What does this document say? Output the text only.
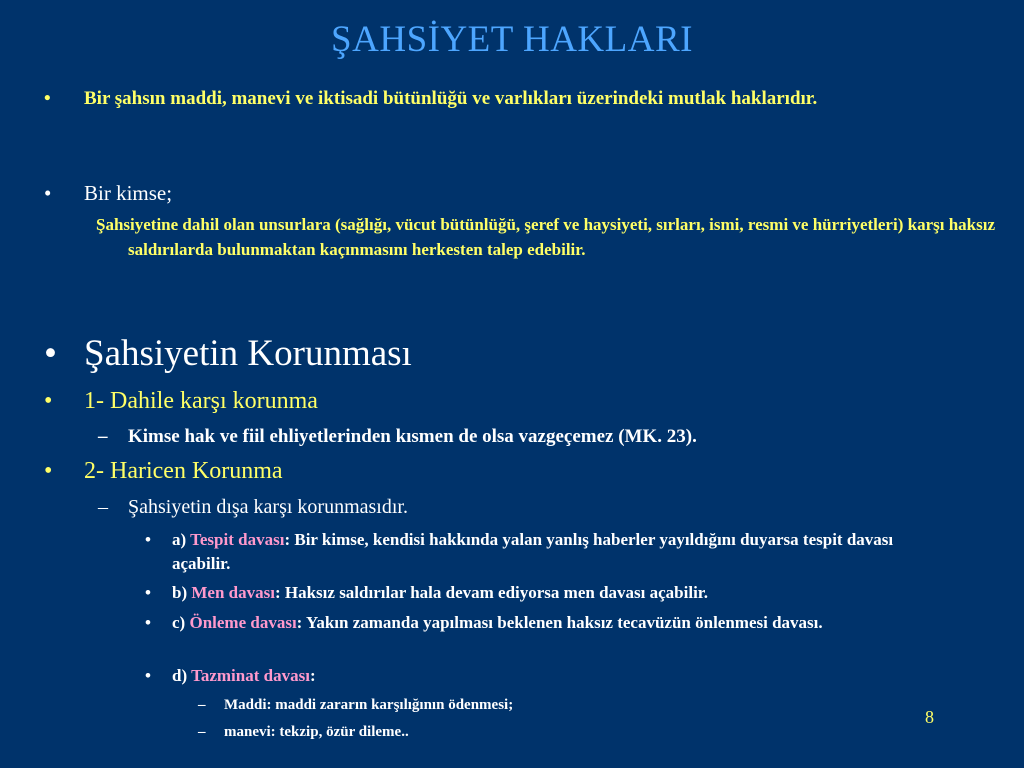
ŞAHSİYET HAKLARI
•	Bir şahsın maddi, manevi ve iktisadi bütünlüğü ve varlıkları üzerindeki mutlak haklarıdır.
•	Bir kimse;
Şahsiyetine dahil olan unsurlara (sağlığı, vücut bütünlüğü, şeref ve haysiyeti, sırları, ismi, resmi ve hürriyetleri) karşı haksız saldırılarda bulunmaktan kaçınmasını herkesten talep edebilir.
• Şahsiyetin Korunması
•	1- Dahile karşı korunma
–	Kimse hak ve fiil ehliyetlerinden kısmen de olsa vazgeçemez (MK. 23).
•	2- Haricen Korunma
–	Şahsiyetin dışa karşı korunmasıdır.
•	a) Tespit davası: Bir kimse, kendisi hakkında yalan yanlış haberler yayıldığını duyarsa tespit davası açabilir.
•	b) Men davası: Haksız saldırılar hala devam ediyorsa men davası açabilir.
•	c) Önleme davası: Yakın zamanda yapılması beklenen haksız tecavüzün önlenmesi davası.
•	d) Tazminat davası:
–	Maddi: maddi zararın karşılığının ödenmesi;
–	manevi: tekzip, özür dileme..
8
